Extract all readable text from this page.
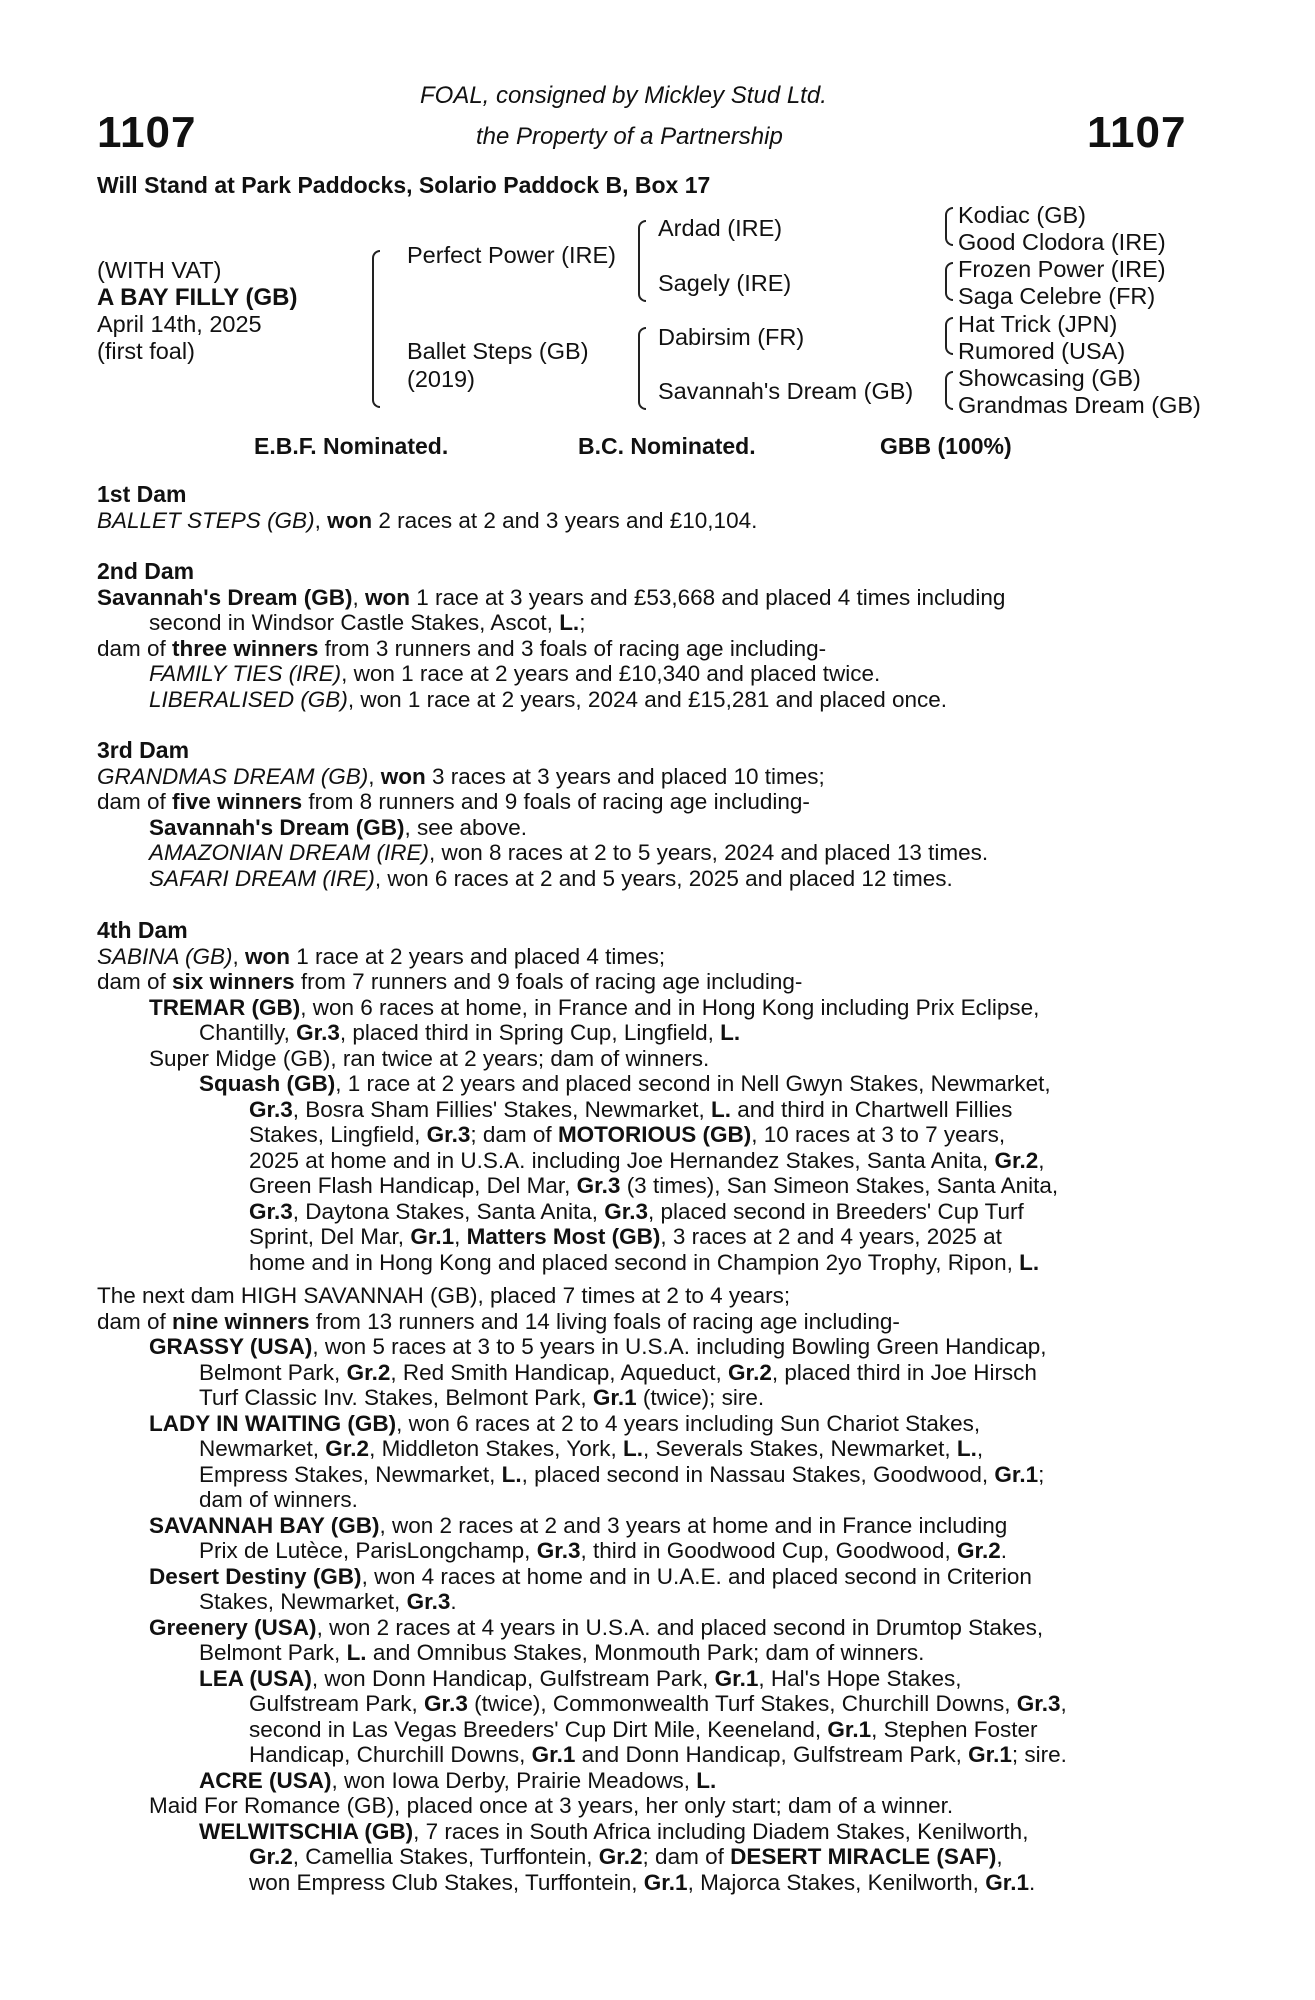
1107	1107
FOAL, consigned by Mickley Stud Ltd.
the Property of a Partnership
Will Stand at Park Paddocks, Solario Paddock B, Box 17
(WITH VAT)
A BAY FILLY (GB)
April 14th, 2025
(first foal)
Perfect Power (IRE)
Ballet Steps (GB)
(2019)
Ardad (IRE)
Sagely (IRE)
Dabirsim (FR)
Savannah's Dream (GB)
Kodiac (GB)
Good Clodora (IRE)
Frozen Power (IRE)
Saga Celebre (FR)
Hat Trick (JPN)
Rumored (USA)
Showcasing (GB)
Grandmas Dream (GB)
E.B.F. Nominated.	B.C. Nominated.	GBB (100%)
1st Dam
BALLET STEPS (GB), won 2 races at 2 and 3 years and £10,104.
2nd Dam
Savannah's Dream (GB), won 1 race at 3 years and £53,668 and placed 4 times including
second in Windsor Castle Stakes, Ascot, L.;
dam of three winners from 3 runners and 3 foals of racing age including-
FAMILY TIES (IRE), won 1 race at 2 years and £10,340 and placed twice.
LIBERALISED (GB), won 1 race at 2 years, 2024 and £15,281 and placed once.
3rd Dam
GRANDMAS DREAM (GB), won 3 races at 3 years and placed 10 times;
dam of five winners from 8 runners and 9 foals of racing age including-
Savannah's Dream (GB), see above.
AMAZONIAN DREAM (IRE), won 8 races at 2 to 5 years, 2024 and placed 13 times.
SAFARI DREAM (IRE), won 6 races at 2 and 5 years, 2025 and placed 12 times.
4th Dam
SABINA (GB), won 1 race at 2 years and placed 4 times;
dam of six winners from 7 runners and 9 foals of racing age including-
TREMAR (GB), won 6 races at home, in France and in Hong Kong including Prix Eclipse,
Chantilly, Gr.3, placed third in Spring Cup, Lingfield, L.
Super Midge (GB), ran twice at 2 years; dam of winners.
Squash (GB), 1 race at 2 years and placed second in Nell Gwyn Stakes, Newmarket,
Gr.3, Bosra Sham Fillies' Stakes, Newmarket, L. and third in Chartwell Fillies
Stakes, Lingfield, Gr.3; dam of MOTORIOUS (GB), 10 races at 3 to 7 years,
2025 at home and in U.S.A. including Joe Hernandez Stakes, Santa Anita, Gr.2,
Green Flash Handicap, Del Mar, Gr.3 (3 times), San Simeon Stakes, Santa Anita,
Gr.3, Daytona Stakes, Santa Anita, Gr.3, placed second in Breeders' Cup Turf
Sprint, Del Mar, Gr.1, Matters Most (GB), 3 races at 2 and 4 years, 2025 at
home and in Hong Kong and placed second in Champion 2yo Trophy, Ripon, L.
The next dam HIGH SAVANNAH (GB), placed 7 times at 2 to 4 years;
dam of nine winners from 13 runners and 14 living foals of racing age including-
GRASSY (USA), won 5 races at 3 to 5 years in U.S.A. including Bowling Green Handicap,
Belmont Park, Gr.2, Red Smith Handicap, Aqueduct, Gr.2, placed third in Joe Hirsch
Turf Classic Inv. Stakes, Belmont Park, Gr.1 (twice); sire.
LADY IN WAITING (GB), won 6 races at 2 to 4 years including Sun Chariot Stakes,
Newmarket, Gr.2, Middleton Stakes, York, L., Severals Stakes, Newmarket, L.,
Empress Stakes, Newmarket, L., placed second in Nassau Stakes, Goodwood, Gr.1;
dam of winners.
SAVANNAH BAY (GB), won 2 races at 2 and 3 years at home and in France including
Prix de Lutèce, ParisLongchamp, Gr.3, third in Goodwood Cup, Goodwood, Gr.2.
Desert Destiny (GB), won 4 races at home and in U.A.E. and placed second in Criterion
Stakes, Newmarket, Gr.3.
Greenery (USA), won 2 races at 4 years in U.S.A. and placed second in Drumtop Stakes,
Belmont Park, L. and Omnibus Stakes, Monmouth Park; dam of winners.
LEA (USA), won Donn Handicap, Gulfstream Park, Gr.1, Hal's Hope Stakes,
Gulfstream Park, Gr.3 (twice), Commonwealth Turf Stakes, Churchill Downs, Gr.3,
second in Las Vegas Breeders' Cup Dirt Mile, Keeneland, Gr.1, Stephen Foster
Handicap, Churchill Downs, Gr.1 and Donn Handicap, Gulfstream Park, Gr.1; sire.
ACRE (USA), won Iowa Derby, Prairie Meadows, L.
Maid For Romance (GB), placed once at 3 years, her only start; dam of a winner.
WELWITSCHIA (GB), 7 races in South Africa including Diadem Stakes, Kenilworth,
Gr.2, Camellia Stakes, Turffontein, Gr.2; dam of DESERT MIRACLE (SAF),
won Empress Club Stakes, Turffontein, Gr.1, Majorca Stakes, Kenilworth, Gr.1.
